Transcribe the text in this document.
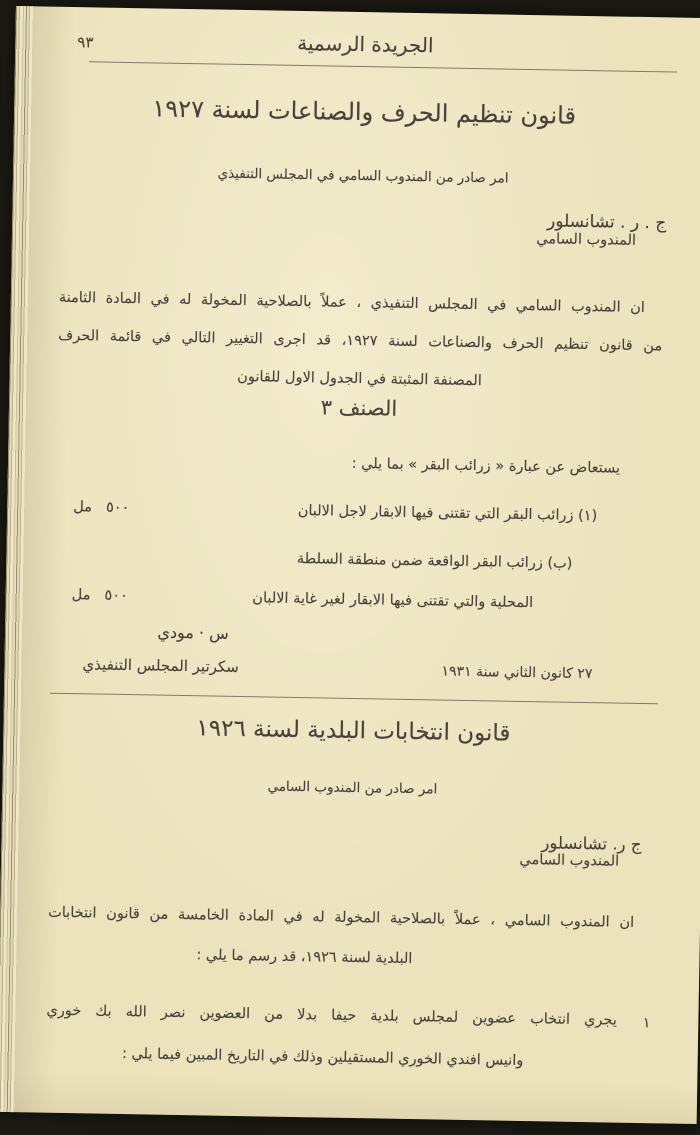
الجريدة الرسمية
٩٣
قانون تنظيم الحرف والصناعات لسنة ١٩٢٧
امر صادر من المندوب السامي في المجلس التنفيذي
ج . ر . تشانسلور
المندوب السامي
ان المندوب السامي في المجلس التنفيذي ، عملاً بالصلاحية المخولة له في المادة الثامنة
من قانون تنظيم الحرف والصناعات لسنة ١٩٢٧، قد اجرى التغيير التالي في قائمة الحرف
المصنفة المثبتة في الجدول الاول للقانون
الصنف ٣
يستعاض عن عبارة « زرائب البقر » بما يلي :
(١) زرائب البقر التي تقتنى فيها الابقار لاجل الالبان
٥٠٠
مل
(ب) زرائب البقر الواقعة ضمن منطقة السلطة
المحلية والتي تقتنى فيها الابقار لغير غاية الالبان
٥٠٠
مل
س · مودي
سكرتير المجلس التنفيذي	٢٧ كانون الثاني سنة ١٩٣١
قانون انتخابات البلدية لسنة ١٩٢٦
امر صادر من المندوب السامي
ج ر. تشانسلور
المندوب السامي
ان المندوب السامي ، عملاً بالصلاحية المخولة له في المادة الخامسة من قانون انتخابات
البلدية لسنة ١٩٢٦، قد رسم ما يلي :
١
يجري انتخاب عضوين لمجلس بلدية حيفا بدلا من العضوين نصر الله بك خوري
وانيس افندي الخوري المستقيلين وذلك في التاريخ المبين فيما يلي :
